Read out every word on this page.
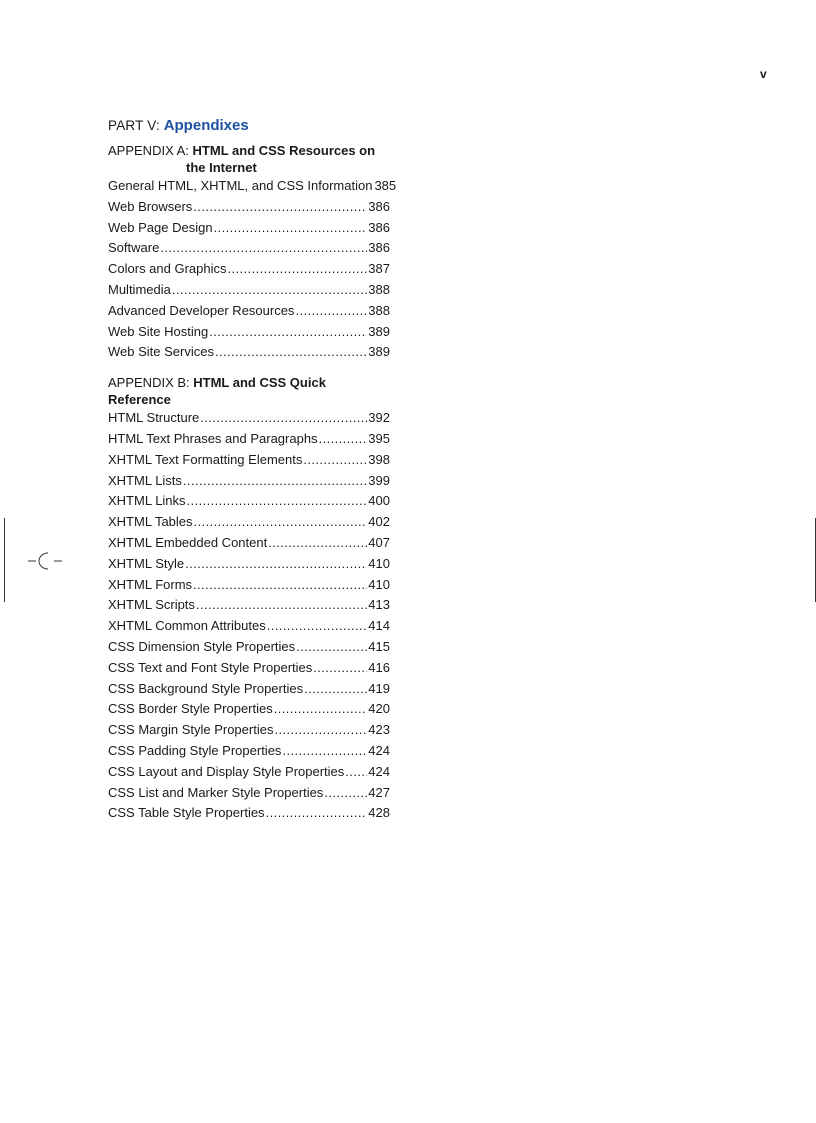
v
PART V: Appendixes
APPENDIX A: HTML and CSS Resources on
the Internet
General HTML, XHTML, and CSS Information 385
Web Browsers .....	386
Web Page Design .....	386
Software .....	386
Colors and Graphics .....	387
Multimedia .....	388
Advanced Developer Resources .....	388
Web Site Hosting .....	389
Web Site Services .....	389
APPENDIX B: HTML and CSS Quick Reference
HTML Structure .....	392
HTML Text Phrases and Paragraphs .....	395
XHTML Text Formatting Elements .....	398
XHTML Lists .....	399
XHTML Links .....	400
XHTML Tables .....	402
XHTML Embedded Content .....	407
XHTML Style .....	410
XHTML Forms .....	410
XHTML Scripts .....	413
XHTML Common Attributes .....	414
CSS Dimension Style Properties .....	415
CSS Text and Font Style Properties .....	416
CSS Background Style Properties .....	419
CSS Border Style Properties .....	420
CSS Margin Style Properties .....	423
CSS Padding Style Properties .....	424
CSS Layout and Display Style Properties ..... 424
CSS List and Marker Style Properties .....	427
CSS Table Style Properties .....	428
